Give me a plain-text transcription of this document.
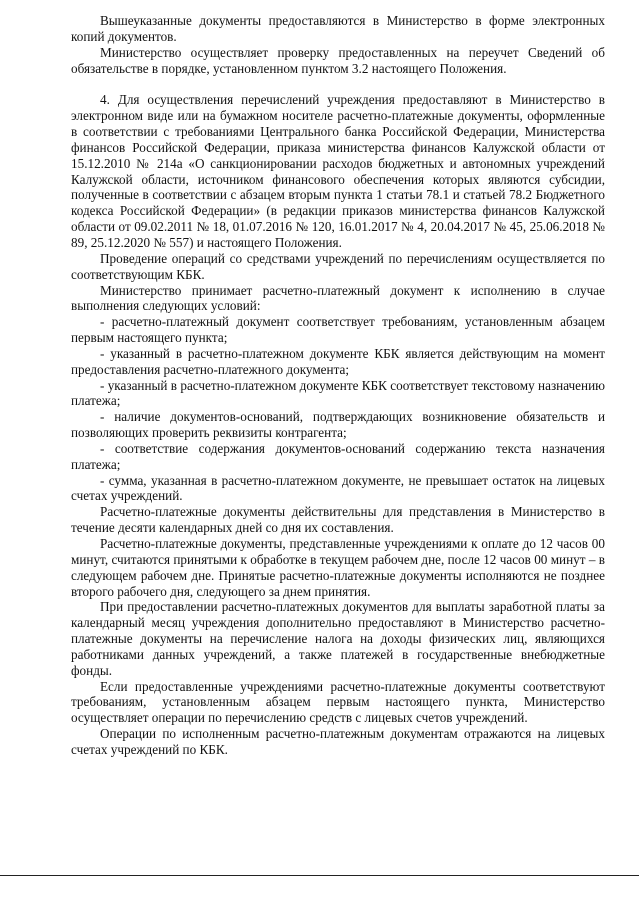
Вышеуказанные документы предоставляются в Министерство в форме электронных копий документов.

Министерство осуществляет проверку предоставленных на переучет Сведений об обязательстве в порядке, установленном пунктом 3.2 настоящего Положения.

4. Для осуществления перечислений учреждения предоставляют в Министерство в электронном виде или на бумажном носителе расчетно-платежные документы, оформленные в соответствии с требованиями Центрального банка Российской Федерации, Министерства финансов Российской Федерации, приказа министерства финансов Калужской области от 15.12.2010 № 214а «О санкционировании расходов бюджетных и автономных учреждений Калужской области, источником финансового обеспечения которых являются субсидии, полученные в соответствии с абзацем вторым пункта 1 статьи 78.1 и статьей 78.2 Бюджетного кодекса Российской Федерации» (в редакции приказов министерства финансов Калужской области от 09.02.2011 № 18, 01.07.2016 № 120, 16.01.2017 № 4, 20.04.2017 № 45, 25.06.2018 № 89, 25.12.2020 № 557) и настоящего Положения.

Проведение операций со средствами учреждений по перечислениям осуществляется по соответствующим КБК.

Министерство принимает расчетно-платежный документ к исполнению в случае выполнения следующих условий:

- расчетно-платежный документ соответствует требованиям, установленным абзацем первым настоящего пункта;

- указанный в расчетно-платежном документе КБК является действующим на момент предоставления расчетно-платежного документа;

- указанный в расчетно-платежном документе КБК соответствует текстовому назначению платежа;

- наличие документов-оснований, подтверждающих возникновение обязательств и позволяющих проверить реквизиты контрагента;

- соответствие содержания документов-оснований содержанию текста назначения платежа;

- сумма, указанная в расчетно-платежном документе, не превышает остаток на лицевых счетах учреждений.

Расчетно-платежные документы действительны для представления в Министерство в течение десяти календарных дней со дня их составления.

Расчетно-платежные документы, представленные учреждениями к оплате до 12 часов 00 минут, считаются принятыми к обработке в текущем рабочем дне, после 12 часов 00 минут – в следующем рабочем дне. Принятые расчетно-платежные документы исполняются не позднее второго рабочего дня, следующего за днем принятия.

При предоставлении расчетно-платежных документов для выплаты заработной платы за календарный месяц учреждения дополнительно предоставляют в Министерство расчетно-платежные документы на перечисление налога на доходы физических лиц, являющихся работниками данных учреждений, а также платежей в государственные внебюджетные фонды.

Если предоставленные учреждениями расчетно-платежные документы соответствуют требованиям, установленным абзацем первым настоящего пункта, Министерство осуществляет операции по перечислению средств с лицевых счетов учреждений.

Операции по исполненным расчетно-платежным документам отражаются на лицевых счетах учреждений по КБК.
